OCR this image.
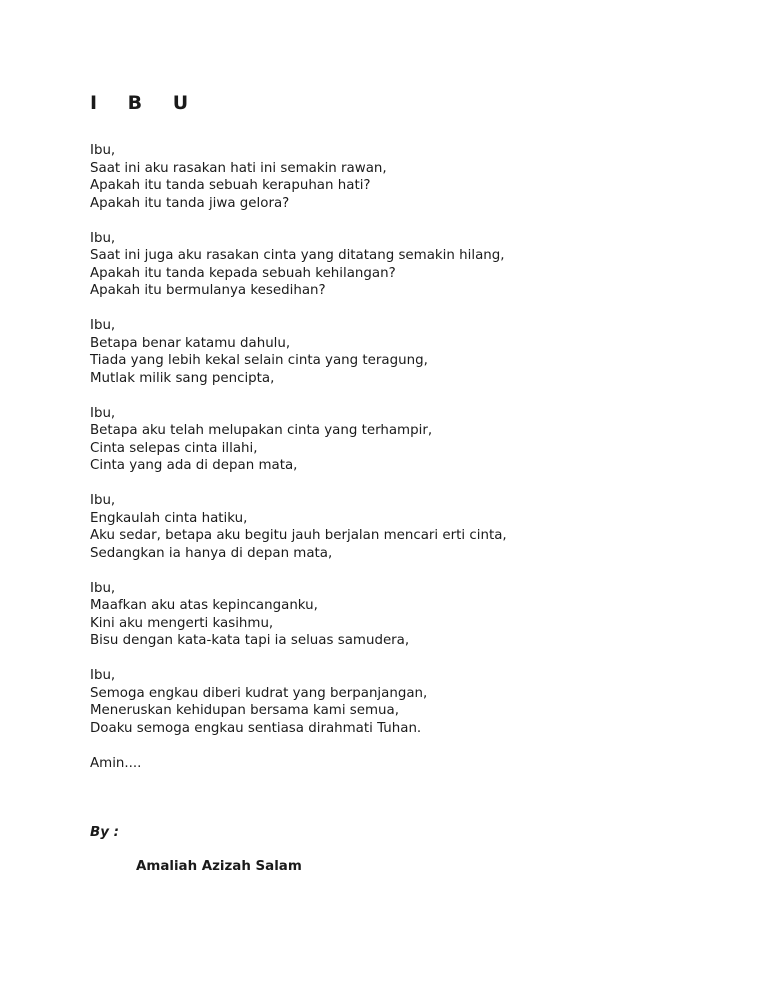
I B U
Ibu,
Saat ini aku rasakan hati ini semakin rawan,
Apakah itu tanda sebuah kerapuhan hati?
Apakah itu tanda jiwa gelora?
Ibu,
Saat ini juga aku rasakan cinta yang ditatang semakin hilang,
Apakah itu tanda kepada sebuah kehilangan?
Apakah itu bermulanya kesedihan?
Ibu,
Betapa benar katamu dahulu,
Tiada yang lebih kekal selain cinta yang teragung,
Mutlak milik sang pencipta,
Ibu,
Betapa aku telah melupakan cinta yang terhampir,
Cinta selepas cinta illahi,
Cinta yang ada di depan mata,
Ibu,
Engkaulah cinta hatiku,
Aku sedar, betapa aku begitu jauh berjalan mencari erti cinta,
Sedangkan ia hanya di depan mata,
Ibu,
Maafkan aku atas kepincanganku,
Kini aku mengerti kasihmu,
Bisu dengan kata-kata tapi ia seluas samudera,
Ibu,
Semoga engkau diberi kudrat yang berpanjangan,
Meneruskan kehidupan bersama kami semua,
Doaku semoga engkau sentiasa dirahmati Tuhan.
Amin....
By :
Amaliah Azizah Salam
